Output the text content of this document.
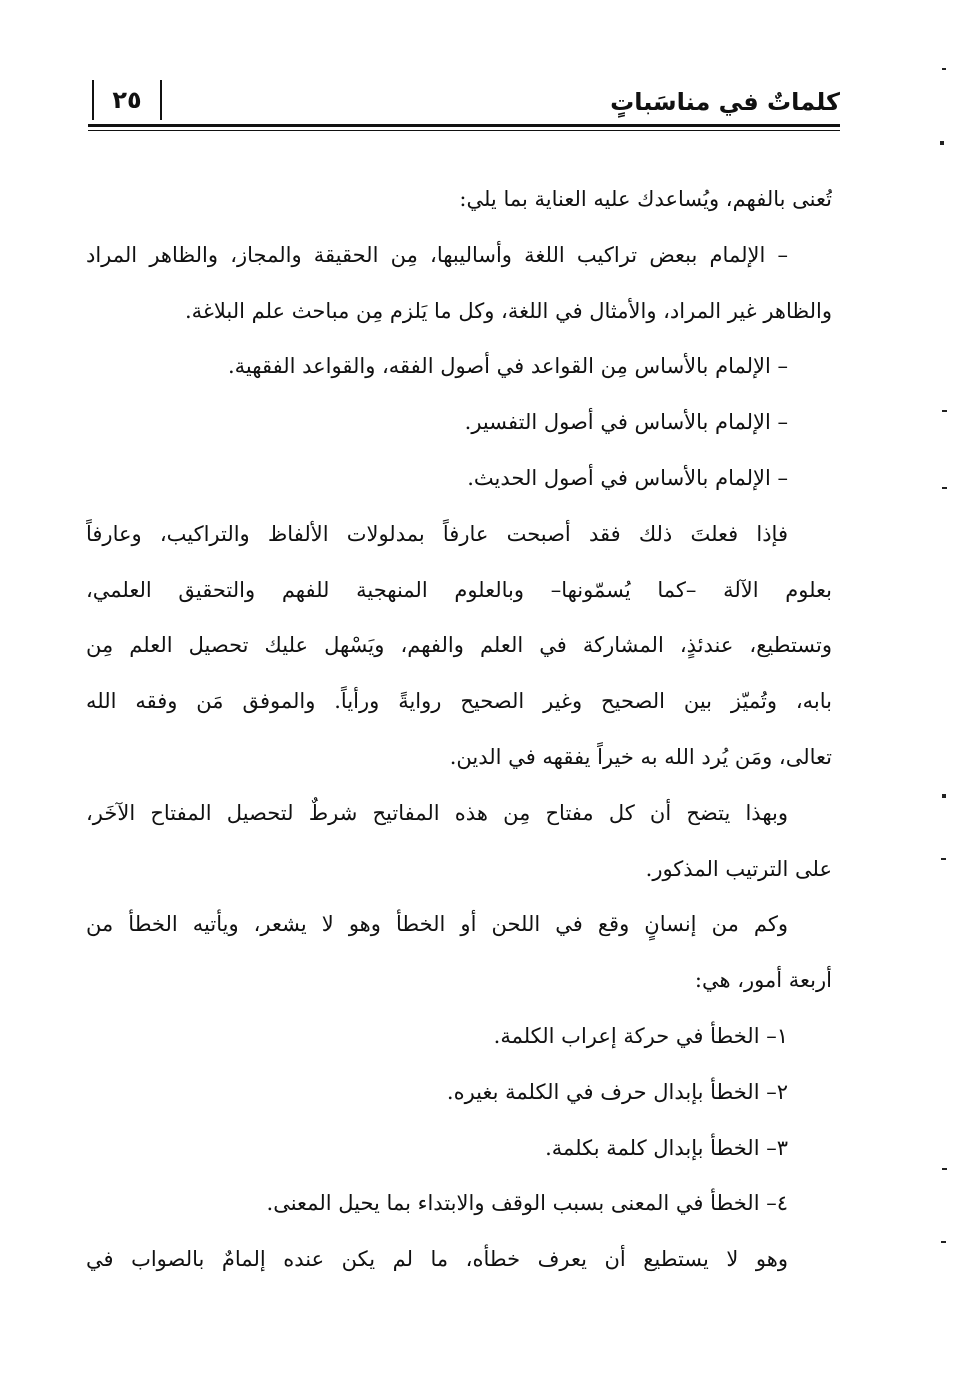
٢٥	كلماتٌ في مناسَباتٍ
تُعنى بالفهم، ويُساعدك عليه العناية بما يلي:
– الإلمام ببعض تراكيب اللغة وأساليبها، مِن الحقيقة والمجاز، والظاهر المراد
والظاهر غير المراد، والأمثال في اللغة، وكل ما يَلزم مِن مباحث علم البلاغة.
– الإلمام بالأساس مِن القواعد في أصول الفقه، والقواعد الفقهية.
– الإلمام بالأساس في أصول التفسير.
– الإلمام بالأساس في أصول الحديث.
فإذا فعلتَ ذلك فقد أصبحت عارفاً بمدلولات الألفاظ والتراكيب، وعارفاً
بعلوم الآلة –كما يُسمّونها– وبالعلوم المنهجية للفهم والتحقيق العلمي،
وتستطيع، عندئذٍ، المشاركة في العلم والفهم، ويَسْهل عليك تحصيل العلم مِن
بابه، وتُميّز بين الصحيح وغير الصحيح روايةً ورأياً. والموفق مَن وفقه الله
تعالى، ومَن يُرد الله به خيراً يفقهه في الدين.
وبهذا يتضح أن كل مفتاح مِن هذه المفاتيح شرطٌ لتحصيل المفتاح الآخَر،
على الترتيب المذكور.
وكم من إنسانٍ وقع في اللحن أو الخطأ وهو لا يشعر، ويأتيه الخطأ من
أربعة أمور، هي:
١– الخطأ في حركة إعراب الكلمة.
٢– الخطأ بإبدال حرف في الكلمة بغيره.
٣– الخطأ بإبدال كلمة بكلمة.
٤– الخطأ في المعنى بسبب الوقف والابتداء بما يحيل المعنى.
وهو لا يستطيع أن يعرف خطأه، ما لم يكن عنده إلمامٌ بالصواب في
